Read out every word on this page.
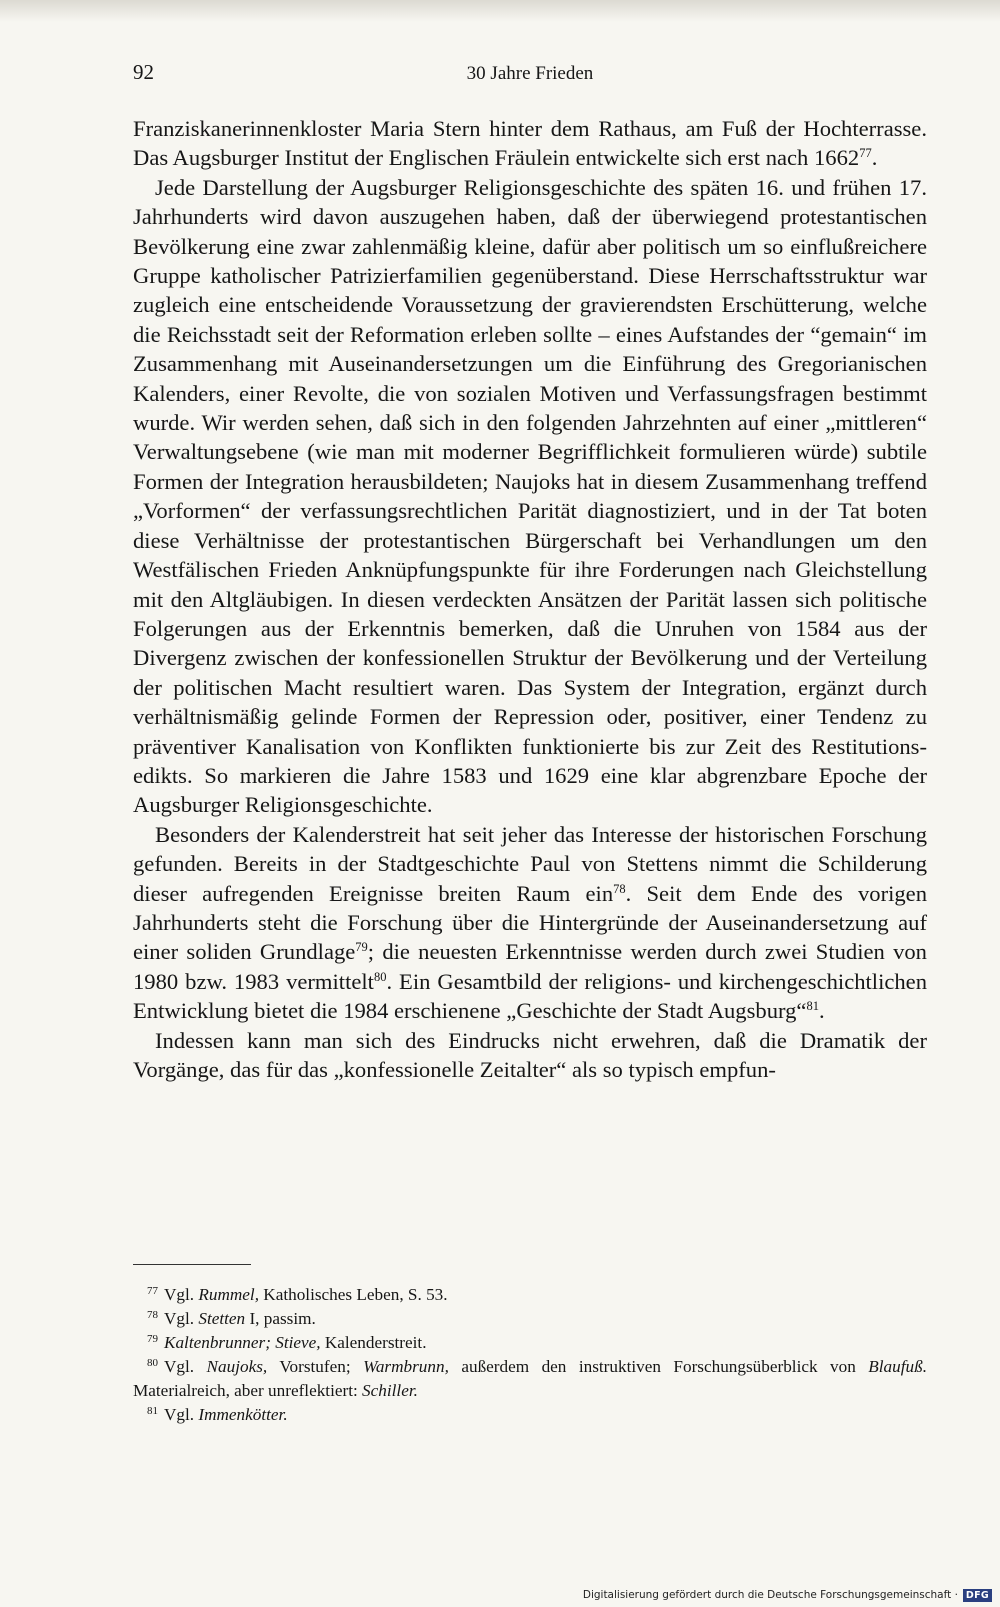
92	30 Jahre Frieden

Franziskanerinnenkloster Maria Stern hinter dem Rathaus, am Fuß der Hochterrasse. Das Augsburger Institut der Englischen Fräulein entwickelte sich erst nach 1662$^{77}$.

Jede Darstellung der Augsburger Religionsgeschichte des späten 16. und frühen 17. Jahrhunderts wird davon auszugehen haben, daß der überwiegend protestantischen Bevölkerung eine zwar zahlenmäßig kleine, dafür aber politisch um so einflußreichere Gruppe katholischer Patrizierfamilien gegenüberstand. Diese Herrschaftsstruktur war zugleich eine entscheidende Voraussetzung der gravierendsten Erschütterung, welche die Reichsstadt seit der Reformation erleben sollte – eines Aufstandes der “gemain“ im Zusammenhang mit Auseinandersetzungen um die Einführung des Gregorianischen Kalenders, einer Revolte, die von sozialen Motiven und Verfassungsfragen bestimmt wurde. Wir werden sehen, daß sich in den folgenden Jahrzehnten auf einer „mittleren“ Verwaltungsebene (wie man mit moderner Begrifflichkeit formulieren würde) subtile Formen der Integration herausbildeten; Naujoks hat in diesem Zusammenhang treffend „Vorformen“ der verfassungsrechtlichen Parität diagnostiziert, und in der Tat boten diese Verhältnisse der protestantischen Bürgerschaft bei Verhandlungen um den Westfälischen Frieden Anknüpfungspunkte für ihre Forderungen nach Gleichstellung mit den Altgläubigen. In diesen verdeckten Ansätzen der Parität lassen sich politische Folgerungen aus der Erkenntnis bemerken, daß die Unruhen von 1584 aus der Divergenz zwischen der konfessionellen Struktur der Bevölkerung und der Verteilung der politischen Macht resultiert waren. Das System der Integration, ergänzt durch verhältnismäßig gelinde Formen der Repression oder, positiver, einer Tendenz zu präventiver Kanalisation von Konflikten funktionierte bis zur Zeit des Restitutionsedikts. So markieren die Jahre 1583 und 1629 eine klar abgrenzbare Epoche der Augsburger Religionsgeschichte.

Besonders der Kalenderstreit hat seit jeher das Interesse der historischen Forschung gefunden. Bereits in der Stadtgeschichte Paul von Stettens nimmt die Schilderung dieser aufregenden Ereignisse breiten Raum ein$^{78}$. Seit dem Ende des vorigen Jahrhunderts steht die Forschung über die Hintergründe der Auseinandersetzung auf einer soliden Grundlage$^{79}$; die neuesten Erkenntnisse werden durch zwei Studien von 1980 bzw. 1983 vermittelt$^{80}$. Ein Gesamtbild der religions- und kirchengeschichtlichen Entwicklung bietet die 1984 erschienene „Geschichte der Stadt Augsburg“$^{81}$.

Indessen kann man sich des Eindrucks nicht erwehren, daß die Dramatik der Vorgänge, das für das „konfessionelle Zeitalter“ als so typisch empfun-

$^{77}$ Vgl. Rummel, Katholisches Leben, S. 53.

$^{78}$ Vgl. Stetten I, passim.

$^{79}$ Kaltenbrunner; Stieve, Kalenderstreit.

$^{80}$ Vgl. Naujoks, Vorstufen; Warmbrunn, außerdem den instruktiven Forschungsüberblick von Blaufuß. Materialreich, aber unreflektiert: Schiller.

$^{81}$ Vgl. Immenkötter.

Digitalisierung gefördert durch die Deutsche Forschungsgemeinschaft · DFG
